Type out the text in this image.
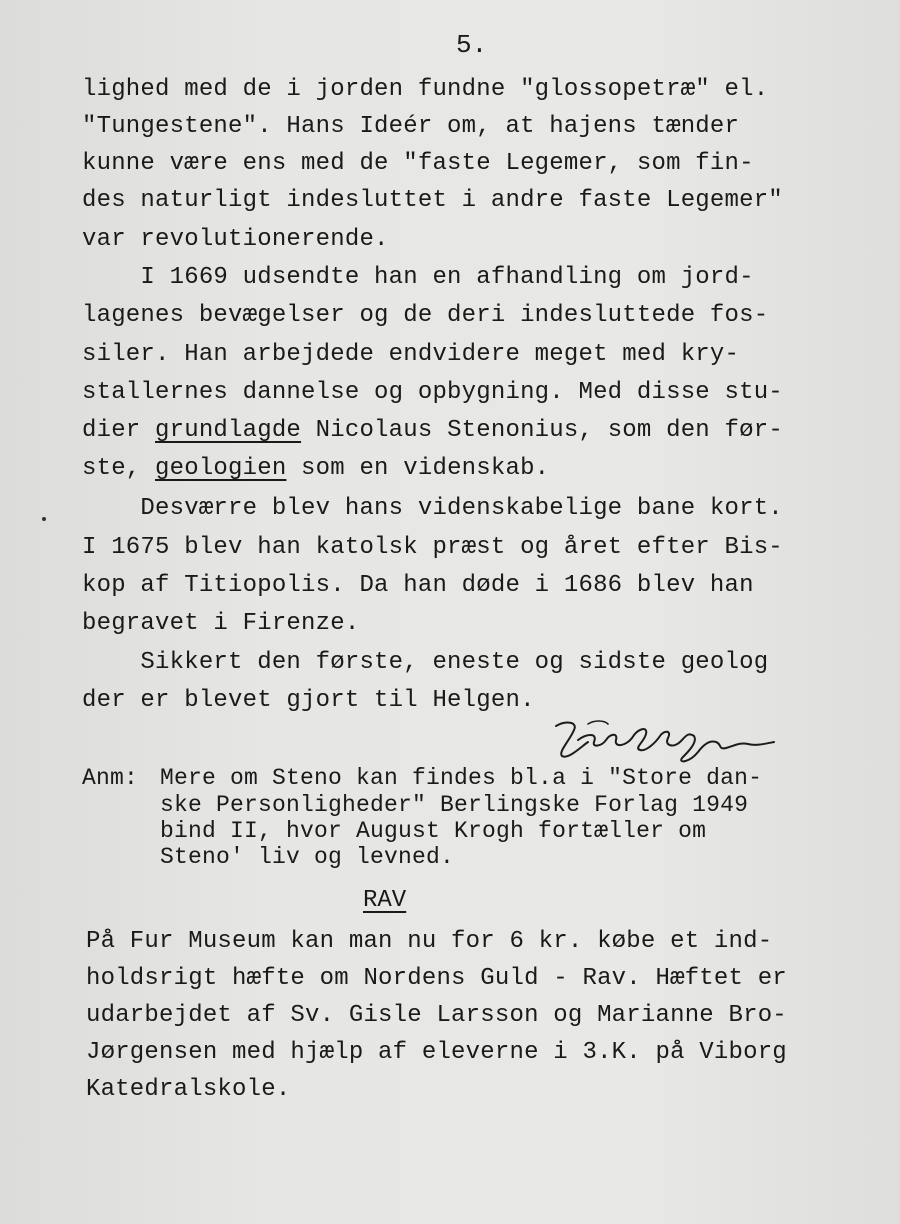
5.
lighed med de i jorden fundne "glossopetræ" el.
"Tungestene". Hans Ideér om, at hajens tænder
kunne være ens med de "faste Legemer, som fin-
des naturligt indesluttet i andre faste Legemer"
var revolutionerende.
I 1669 udsendte han en afhandling om jord-
lagenes bevægelser og de deri indesluttede fos-
siler. Han arbejdede endvidere meget med kry-
stallernes dannelse og opbygning. Med disse stu-
dier grundlagde Nicolaus Stenonius, som den før-
ste, geologien som en videnskab.
Desværre blev hans videnskabelige bane kort.
I 1675 blev han katolsk præst og året efter Bis-
kop af Titiopolis. Da han døde i 1686 blev han
begravet i Firenze.
Sikkert den første, eneste og sidste geolog
der er blevet gjort til Helgen.
Anm: Mere om Steno kan findes bl.a i "Store dan-
ske Personligheder" Berlingske Forlag 1949
bind II, hvor August Krogh fortæller om
Steno' liv og levned.
RAV
På Fur Museum kan man nu for 6 kr. købe et ind-
holdsrigt hæfte om Nordens Guld - Rav. Hæftet er
udarbejdet af Sv. Gisle Larsson og Marianne Bro-
Jørgensen med hjælp af eleverne i 3.K. på Viborg
Katedralskole.
